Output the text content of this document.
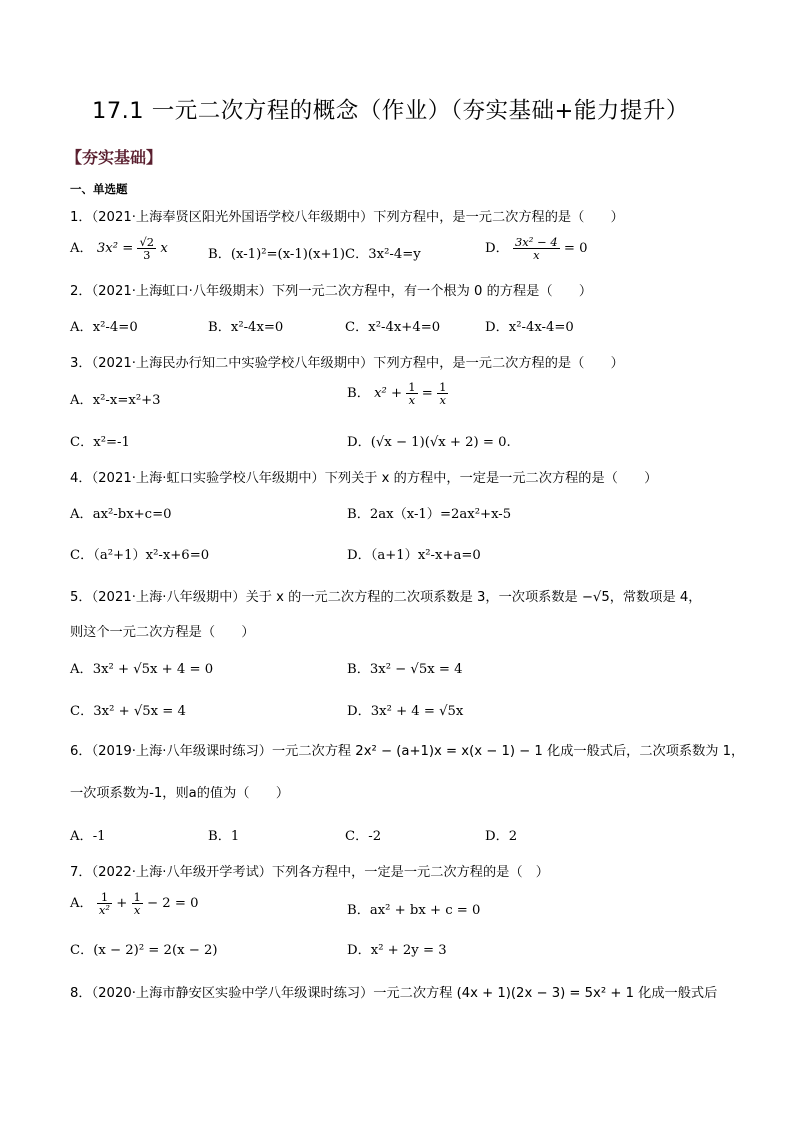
17.1 一元二次方程的概念（作业）（夯实基础+能力提升）
【夯实基础】
一、单选题
1．（2021·上海奉贤区阳光外国语学校八年级期中）下列方程中，是一元二次方程的是（　　）
A． $3x^2 = \frac{√2}{3}$ x	B．(x-1)²=(x-1)(x+1) C．3x²-4=y	D． $\frac{\text{3x² − 4}}{x} = 0$
2．（2021·上海虹口·八年级期末）下列一元二次方程中，有一个根为 0 的方程是（　　）
A．x²-4=0	B．x²-4x=0	C．x²-4x+4=0	D．x²-4x-4=0
3．（2021·上海民办行知二中实验学校八年级期中）下列方程中，是一元二次方程的是（　　）
A．x²-x=x²+3	B． $x^2 + \frac{1}{x} = \frac{1}{x}$
C．x²=-1	D．(√x − 1)(√x + 2) = 0.
4．（2021·上海·虹口实验学校八年级期中）下列关于 x 的方程中，一定是一元二次方程的是（　　）
A．ax²-bx+c=0	B．2ax（x-1）=2ax²+x-5
C．（a²+1）x²-x+6=0	D．（a+1）x²-x+a=0
5．（2021·上海·八年级期中）关于 x 的一元二次方程的二次项系数是 3，一次项系数是 −√5，常数项是 4，
则这个一元二次方程是（　　）
A．3x² + √5x + 4 = 0	B．3x² − √5x = 4
C．3x² + √5x = 4	D．3x² + 4 = √5x
6．（2019·上海·八年级课时练习）一元二次方程 2x² − (a+1)x = x(x − 1) − 1 化成一般式后，二次项系数为 1，
一次项系数为-1，则a的值为（　　）
A．-1	B．1	C．-2	D．2
7．（2022·上海·八年级开学考试）下列各方程中，一定是一元二次方程的是（　）
A． $\frac{1}{\text{x²}} + \frac{1}{x} - 2 = 0$	B．ax² + bx + c = 0
C．(x − 2)² = 2(x − 2)	D．x² + 2y = 3
8．（2020·上海市静安区实验中学八年级课时练习）一元二次方程 (4x + 1)(2x − 3) = 5x² + 1 化成一般式后
